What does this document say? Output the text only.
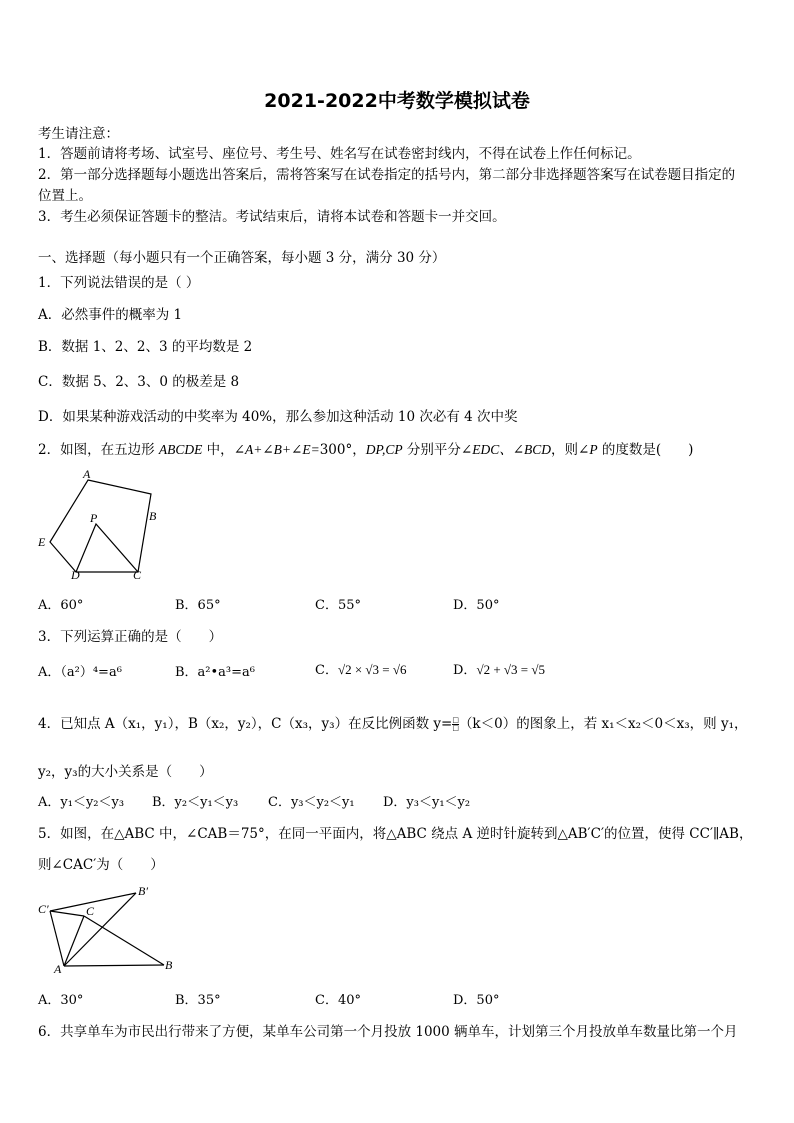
2021-2022中考数学模拟试卷
考生请注意：
1．答题前请将考场、试室号、座位号、考生号、姓名写在试卷密封线内，不得在试卷上作任何标记。
2．第一部分选择题每小题选出答案后，需将答案写在试卷指定的括号内，第二部分非选择题答案写在试卷题目指定的
位置上。
3．考生必须保证答题卡的整洁。考试结束后，请将本试卷和答题卡一并交回。
一、选择题（每小题只有一个正确答案，每小题 3 分，满分 30 分）
1．下列说法错误的是（ ）
A．必然事件的概率为 1
B．数据 1、2、2、3 的平均数是 2
C．数据 5、2、3、0 的极差是 8
D．如果某种游戏活动的中奖率为 40%，那么参加这种活动 10 次必有 4 次中奖
2．如图，在五边形 ABCDE 中，∠A+∠B+∠E=300°，DP,CP 分别平分∠EDC、∠BCD，则∠P 的度数是(　　)
A
B
C
D
E
P
A．60°	B．65°	C．55°	D．50°
3．下列运算正确的是（　　）
A．（a²）⁴=a⁶	B．a²•a³=a⁶	C．√2 × √3 = √6	D．√2 + √3 = √5
4．已知点 A（x₁，y₁），B（x₂，y₂），C（x₃，y₃）在反比例函数 $y= \frac{□}{□} (k<0)$的图象上，若 x₁＜x₂＜0＜x₃，则 y₁，
y₂，y₃的大小关系是（　　）
A．y₁＜y₂＜y₃ B．y₂＜y₁＜y₃ C．y₃＜y₂＜y₁ D．y₃＜y₁＜y₂
5．如图，在△ABC 中，∠CAB＝75°，在同一平面内，将△ABC 绕点 A 逆时针旋转到△AB′C′的位置，使得 CC′∥AB，
则∠CAC′为（　　）
C′	C
B′
A	B
A．30°	B．35°	C．40°	D．50°
6．共享单车为市民出行带来了方便，某单车公司第一个月投放 1000 辆单车，计划第三个月投放单车数量比第一个月
